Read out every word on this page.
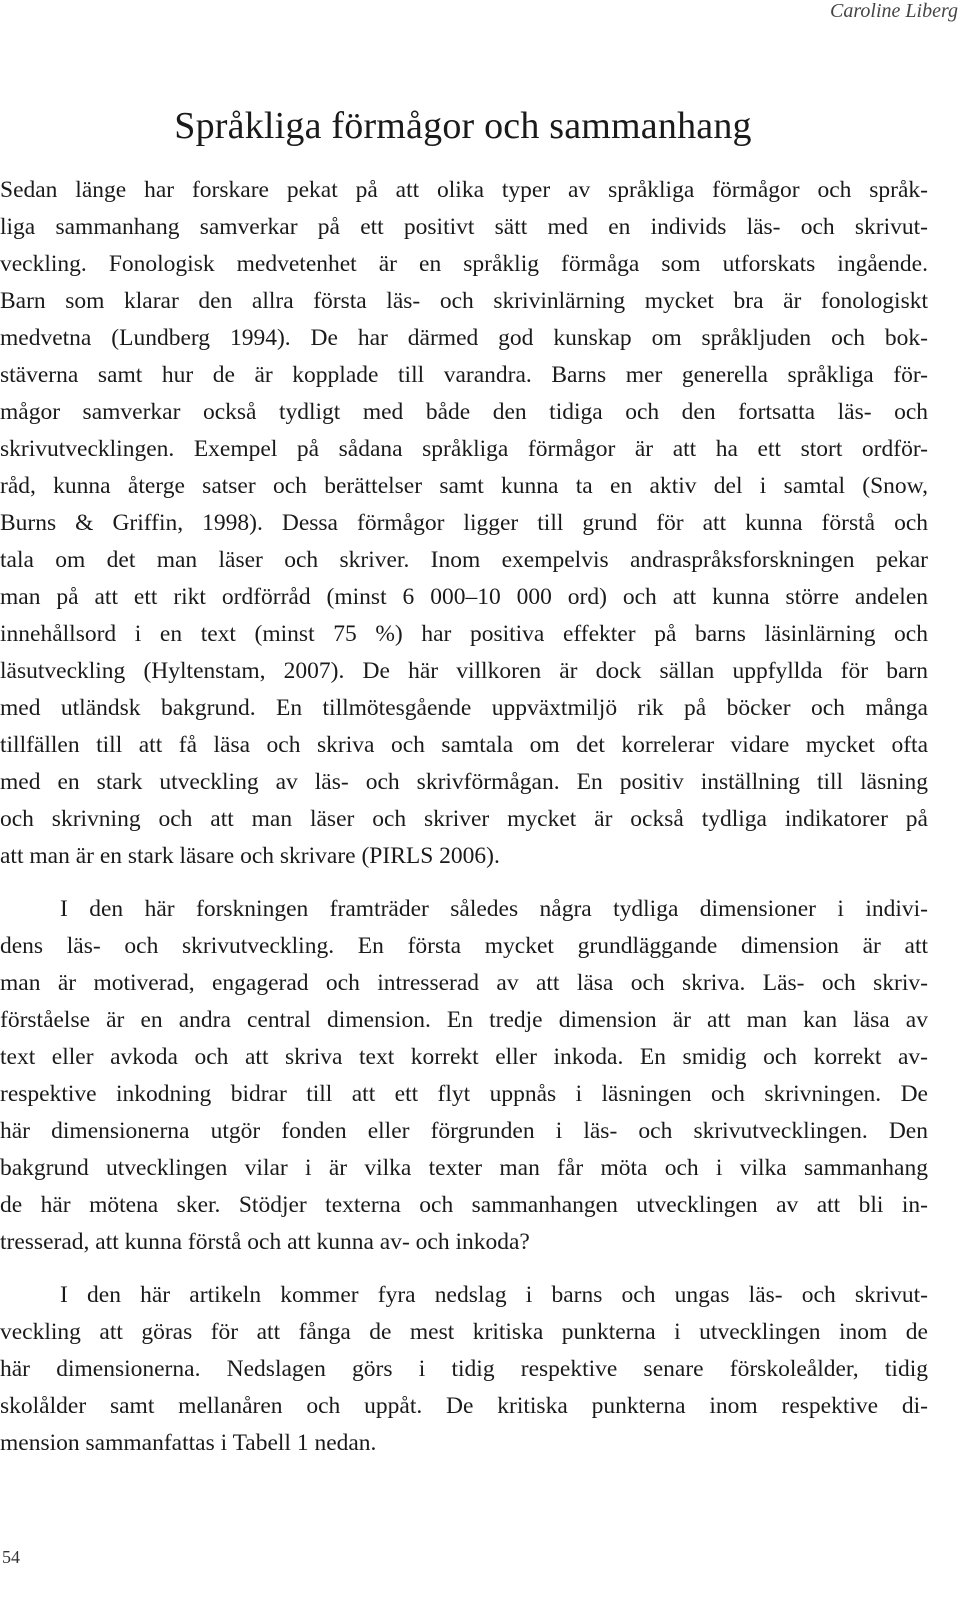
Caroline Liberg
Språkliga förmågor och sammanhang
Sedan länge har forskare pekat på att olika typer av språkliga förmågor och språk-
liga sammanhang samverkar på ett positivt sätt med en individs läs- och skrivut-
veckling. Fonologisk medvetenhet är en språklig förmåga som utforskats ingående.
Barn som klarar den allra första läs- och skrivinlärning mycket bra är fonologiskt
medvetna (Lundberg 1994). De har därmed god kunskap om språkljuden och bok-
stäverna samt hur de är kopplade till varandra. Barns mer generella språkliga för-
mågor samverkar också tydligt med både den tidiga och den fortsatta läs- och
skrivutvecklingen. Exempel på sådana språkliga förmågor är att ha ett stort ordför-
råd, kunna återge satser och berättelser samt kunna ta en aktiv del i samtal (Snow,
Burns & Griffin, 1998). Dessa förmågor ligger till grund för att kunna förstå och
tala om det man läser och skriver. Inom exempelvis andraspråksforskningen pekar
man på att ett rikt ordförråd (minst 6 000–10 000 ord) och att kunna större andelen
innehållsord i en text (minst 75 %) har positiva effekter på barns läsinlärning och
läsutveckling (Hyltenstam, 2007). De här villkoren är dock sällan uppfyllda för barn
med utländsk bakgrund. En tillmötesgående uppväxtmiljö rik på böcker och många
tillfällen till att få läsa och skriva och samtala om det korrelerar vidare mycket ofta
med en stark utveckling av läs- och skrivförmågan. En positiv inställning till läsning
och skrivning och att man läser och skriver mycket är också tydliga indikatorer på
att man är en stark läsare och skrivare (PIRLS 2006).
I den här forskningen framträder således några tydliga dimensioner i indivi-
dens läs- och skrivutveckling. En första mycket grundläggande dimension är att
man är motiverad, engagerad och intresserad av att läsa och skriva. Läs- och skriv-
förståelse är en andra central dimension. En tredje dimension är att man kan läsa av
text eller avkoda och att skriva text korrekt eller inkoda. En smidig och korrekt av-
respektive inkodning bidrar till att ett flyt uppnås i läsningen och skrivningen. De
här dimensionerna utgör fonden eller förgrunden i läs- och skrivutvecklingen. Den
bakgrund utvecklingen vilar i är vilka texter man får möta och i vilka sammanhang
de här mötena sker. Stödjer texterna och sammanhangen utvecklingen av att bli in-
tresserad, att kunna förstå och att kunna av- och inkoda?
I den här artikeln kommer fyra nedslag i barns och ungas läs- och skrivut-
veckling att göras för att fånga de mest kritiska punkterna i utvecklingen inom de
här dimensionerna. Nedslagen görs i tidig respektive senare förskoleålder, tidig
skolålder samt mellanåren och uppåt. De kritiska punkterna inom respektive di-
mension sammanfattas i Tabell 1 nedan.
54
